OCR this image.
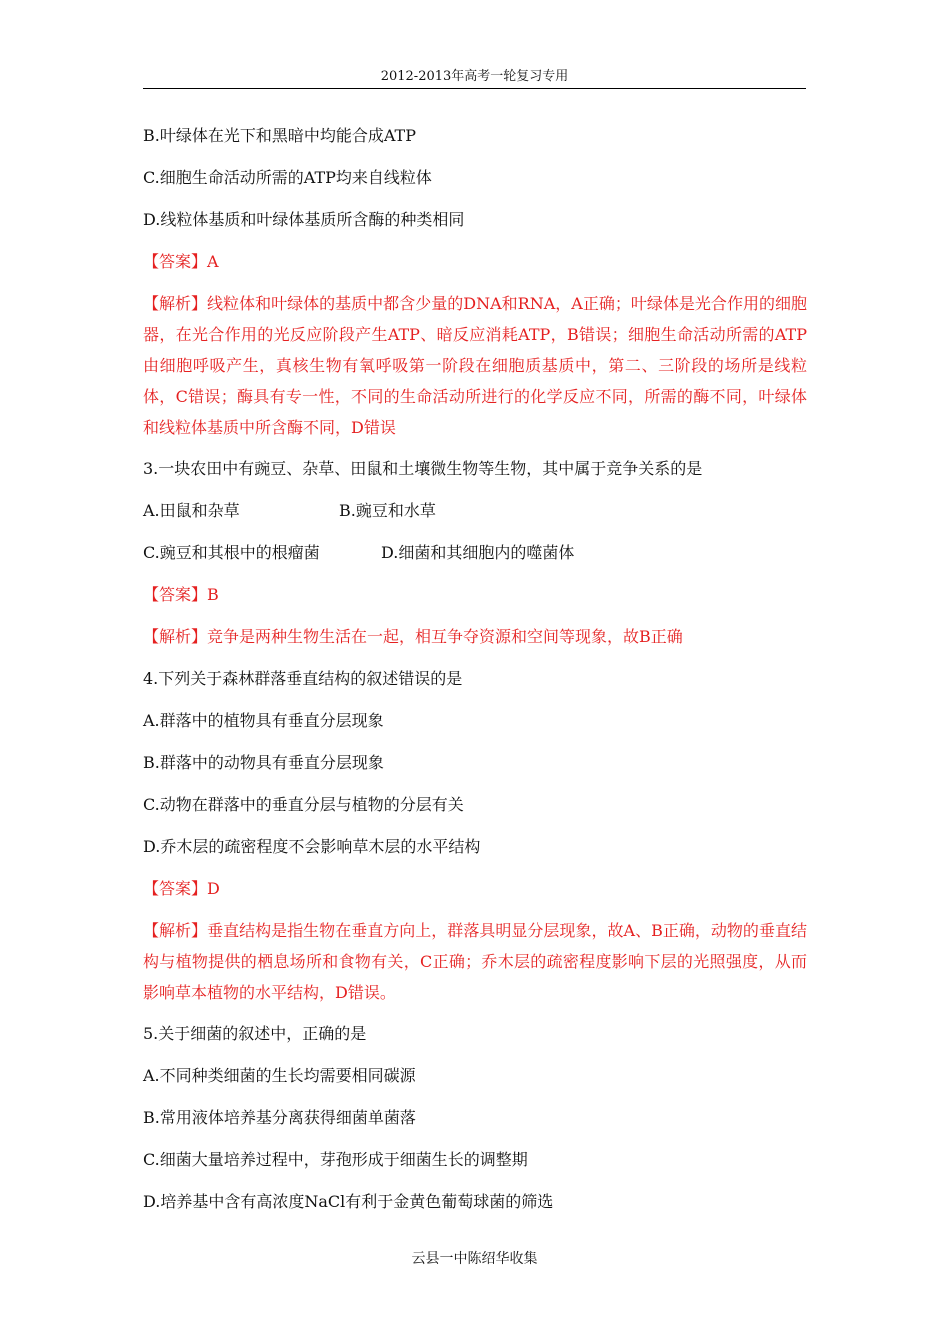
2012-2013年高考一轮复习专用

B.叶绿体在光下和黑暗中均能合成ATP

C.细胞生命活动所需的ATP均来自线粒体

D.线粒体基质和叶绿体基质所含酶的种类相同

【答案】A

【解析】线粒体和叶绿体的基质中都含少量的DNA和RNA，A正确；叶绿体是光合作用的细胞器，在光合作用的光反应阶段产生ATP、暗反应消耗ATP，B错误；细胞生命活动所需的ATP由细胞呼吸产生，真核生物有氧呼吸第一阶段在细胞质基质中，第二、三阶段的场所是线粒体，C错误；酶具有专一性，不同的生命活动所进行的化学反应不同，所需的酶不同，叶绿体和线粒体基质中所含酶不同，D错误

3.一块农田中有豌豆、杂草、田鼠和土壤微生物等生物，其中属于竞争关系的是

A.田鼠和杂草	B.豌豆和水草
C.豌豆和其根中的根瘤菌	D.细菌和其细胞内的噬菌体

【答案】B

【解析】竞争是两种生物生活在一起，相互争夺资源和空间等现象，故B正确

4.下列关于森林群落垂直结构的叙述错误的是

A.群落中的植物具有垂直分层现象

B.群落中的动物具有垂直分层现象

C.动物在群落中的垂直分层与植物的分层有关

D.乔木层的疏密程度不会影响草木层的水平结构

【答案】D

【解析】垂直结构是指生物在垂直方向上，群落具明显分层现象，故A、B正确，动物的垂直结构与植物提供的栖息场所和食物有关，C正确；乔木层的疏密程度影响下层的光照强度，从而影响草本植物的水平结构，D错误。

5.关于细菌的叙述中，正确的是

A.不同种类细菌的生长均需要相同碳源

B.常用液体培养基分离获得细菌单菌落

C.细菌大量培养过程中，芽孢形成于细菌生长的调整期

D.培养基中含有高浓度NaCl有利于金黄色葡萄球菌的筛选

云县一中陈绍华收集
